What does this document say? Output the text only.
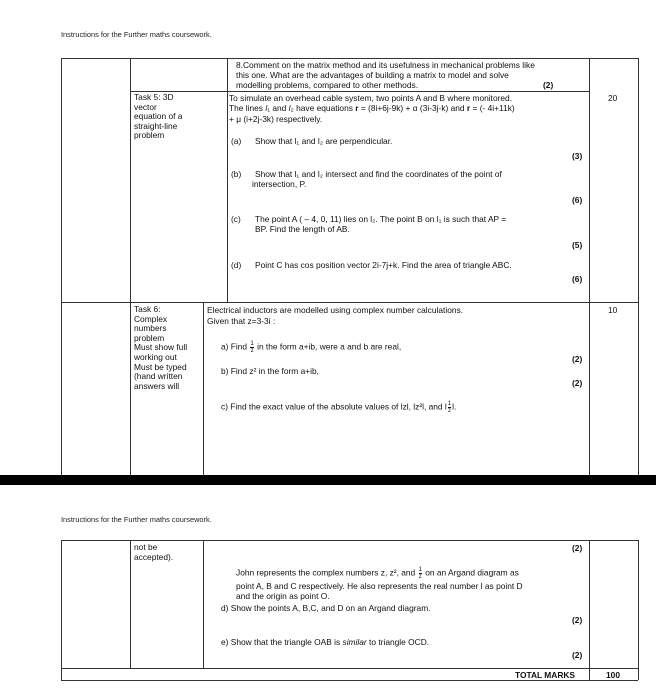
Instructions for the Further maths coursework.
8.Comment on the matrix method and its usefulness in mechanical problems like
this one. What are the advantages of building a matrix to model and solve
modelling problems, compared to other methods.	(2)
Task 5: 3D
vector
equation of a
straight-line
problem
20
To simulate an overhead cable system, two points A and B where monitored.
The lines l₁ and l₂ have equations r = (8i+6j-9k) + α (3i-3j-k) and r = (- 4i+11k)
+ μ (i+2j-3k) respectively.
(a) Show that l₁ and l₂ are perpendicular.
(3)
(b) Show that l₁ and l₂ intersect and find the coordinates of the point of
intersection, P.
(6)
(c) The point A ( – 4, 0, 11) lies on l₂. The point B on l₁ is such that AP =
BP. Find the length of AB.
(5)
(d) Point C has cos position vector 2i-7j+k. Find the area of triangle ABC.
(6)
Task 6:
Complex
numbers
problem
Must show full
working out
Must be typed
(hand written
answers will
10
Electrical inductors are modelled using complex number calculations.
Given that z=3-3i :
a) Find $\frac{1}{z}$ in the form a+ib, were a and b are real,
(2)
b) Find z² in the form a+ib,
(2)
c) Find the exact value of the absolute values of lzl, lz²l, and l $\frac{1}{z} l$.
Instructions for the Further maths coursework.
not be
accepted).
(2)
John represents the complex numbers z, z², and $\frac{1}{z}$ on an Argand diagram as
point A, B and C respectively. He also represents the real number l as point D
and the origin as point O.
d) Show the points A, B,C, and D on an Argand diagram.
(2)
e) Show that the triangle OAB is similar to triangle OCD.
(2)
TOTAL MARKS	100
